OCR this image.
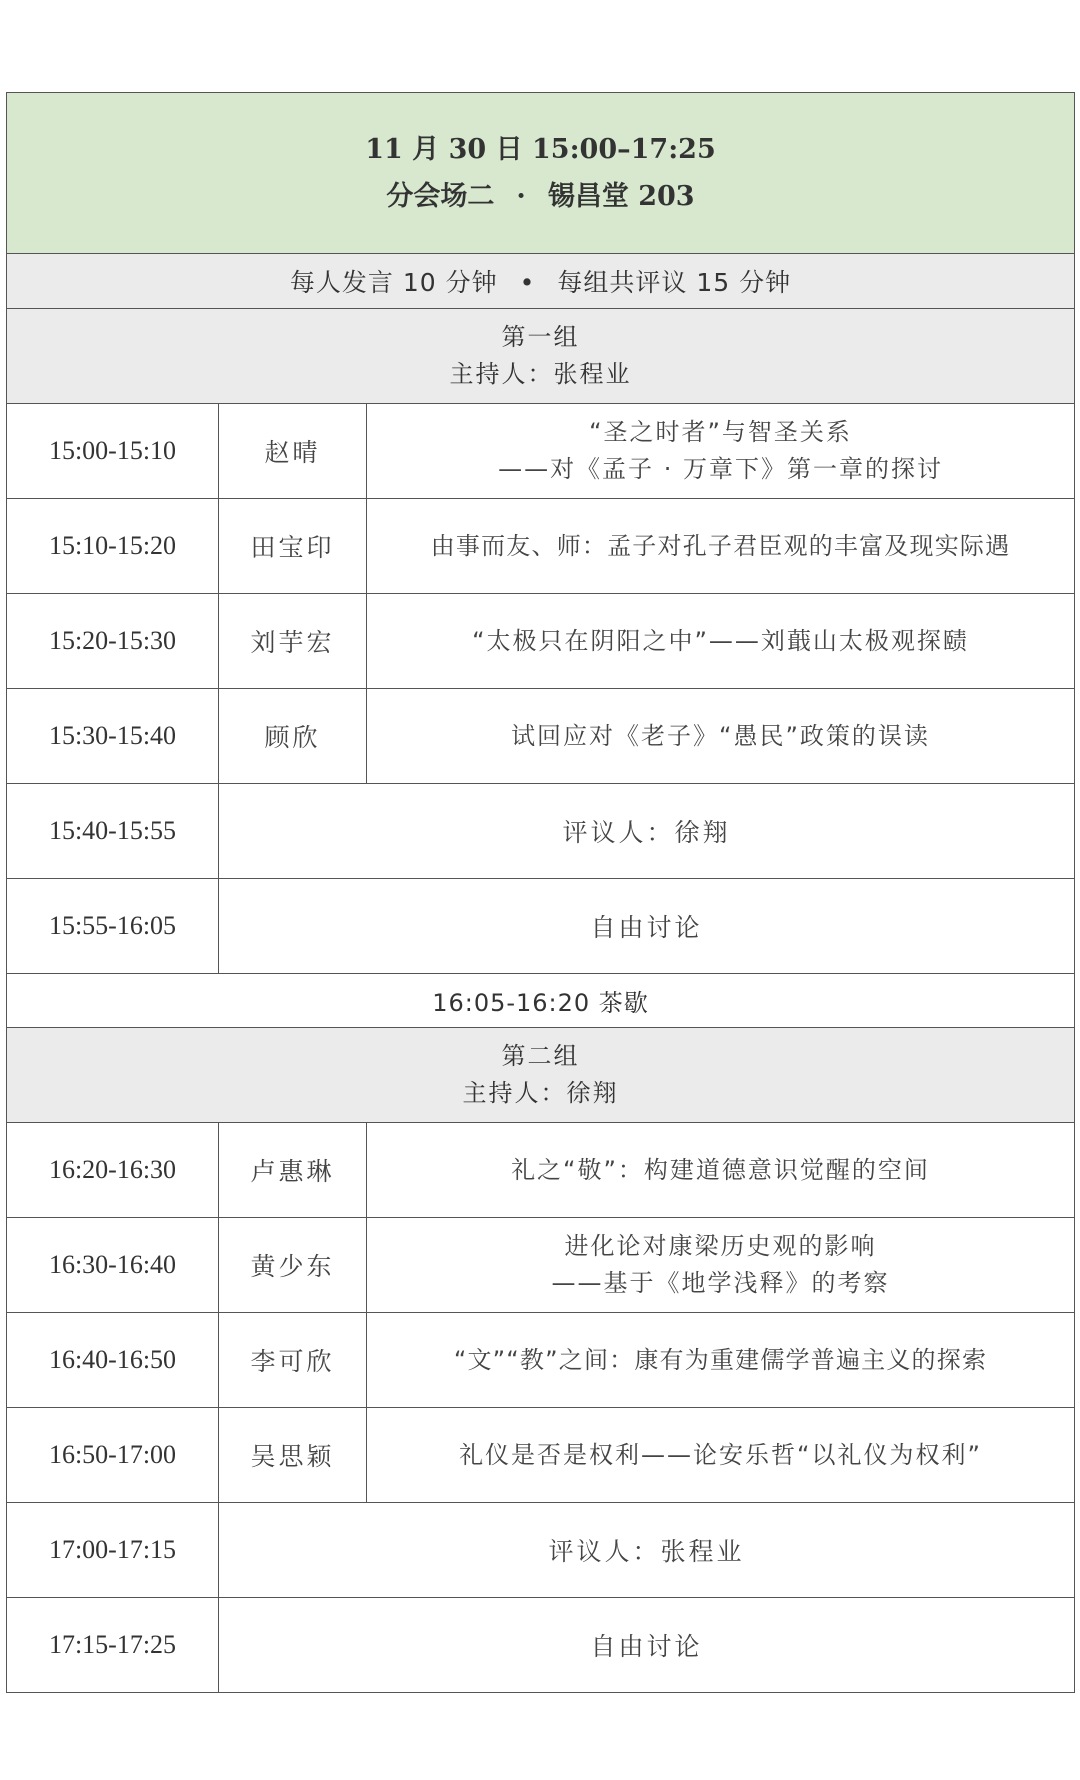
11 月 30 日 15:00–17:25
分会场二 · 锡昌堂 203		

每人发言 10 分钟 • 每组共评议 15 分钟		

第一组
主持人：张程业		

15:00-15:10	赵晴	“圣之时者”与智圣关系
——对《孟子 · 万章下》第一章的探讨

15:10-15:20	田宝印	由事而友、师：孟子对孔子君臣观的丰富及现实际遇
15:20-15:30	刘芋宏	“太极只在阴阳之中”——刘蕺山太极观探赜
15:30-15:40	顾欣	试回应对《老子》“愚民”政策的误读
15:40-15:55	评议人：徐翔	
15:55-16:05	自由讨论	
16:05-16:20 茶歇		

第二组
主持人：徐翔		

16:20-16:30	卢惠琳	礼之“敬”：构建道德意识觉醒的空间
16:30-16:40	黄少东	进化论对康梁历史观的影响
——基于《地学浅释》的考察

16:40-16:50	李可欣	“文”“教”之间：康有为重建儒学普遍主义的探索
16:50-17:00	吴思颖	礼仪是否是权利——论安乐哲“以礼仪为权利”
17:00-17:15	评议人：张程业	
17:15-17:25	自由讨论	
